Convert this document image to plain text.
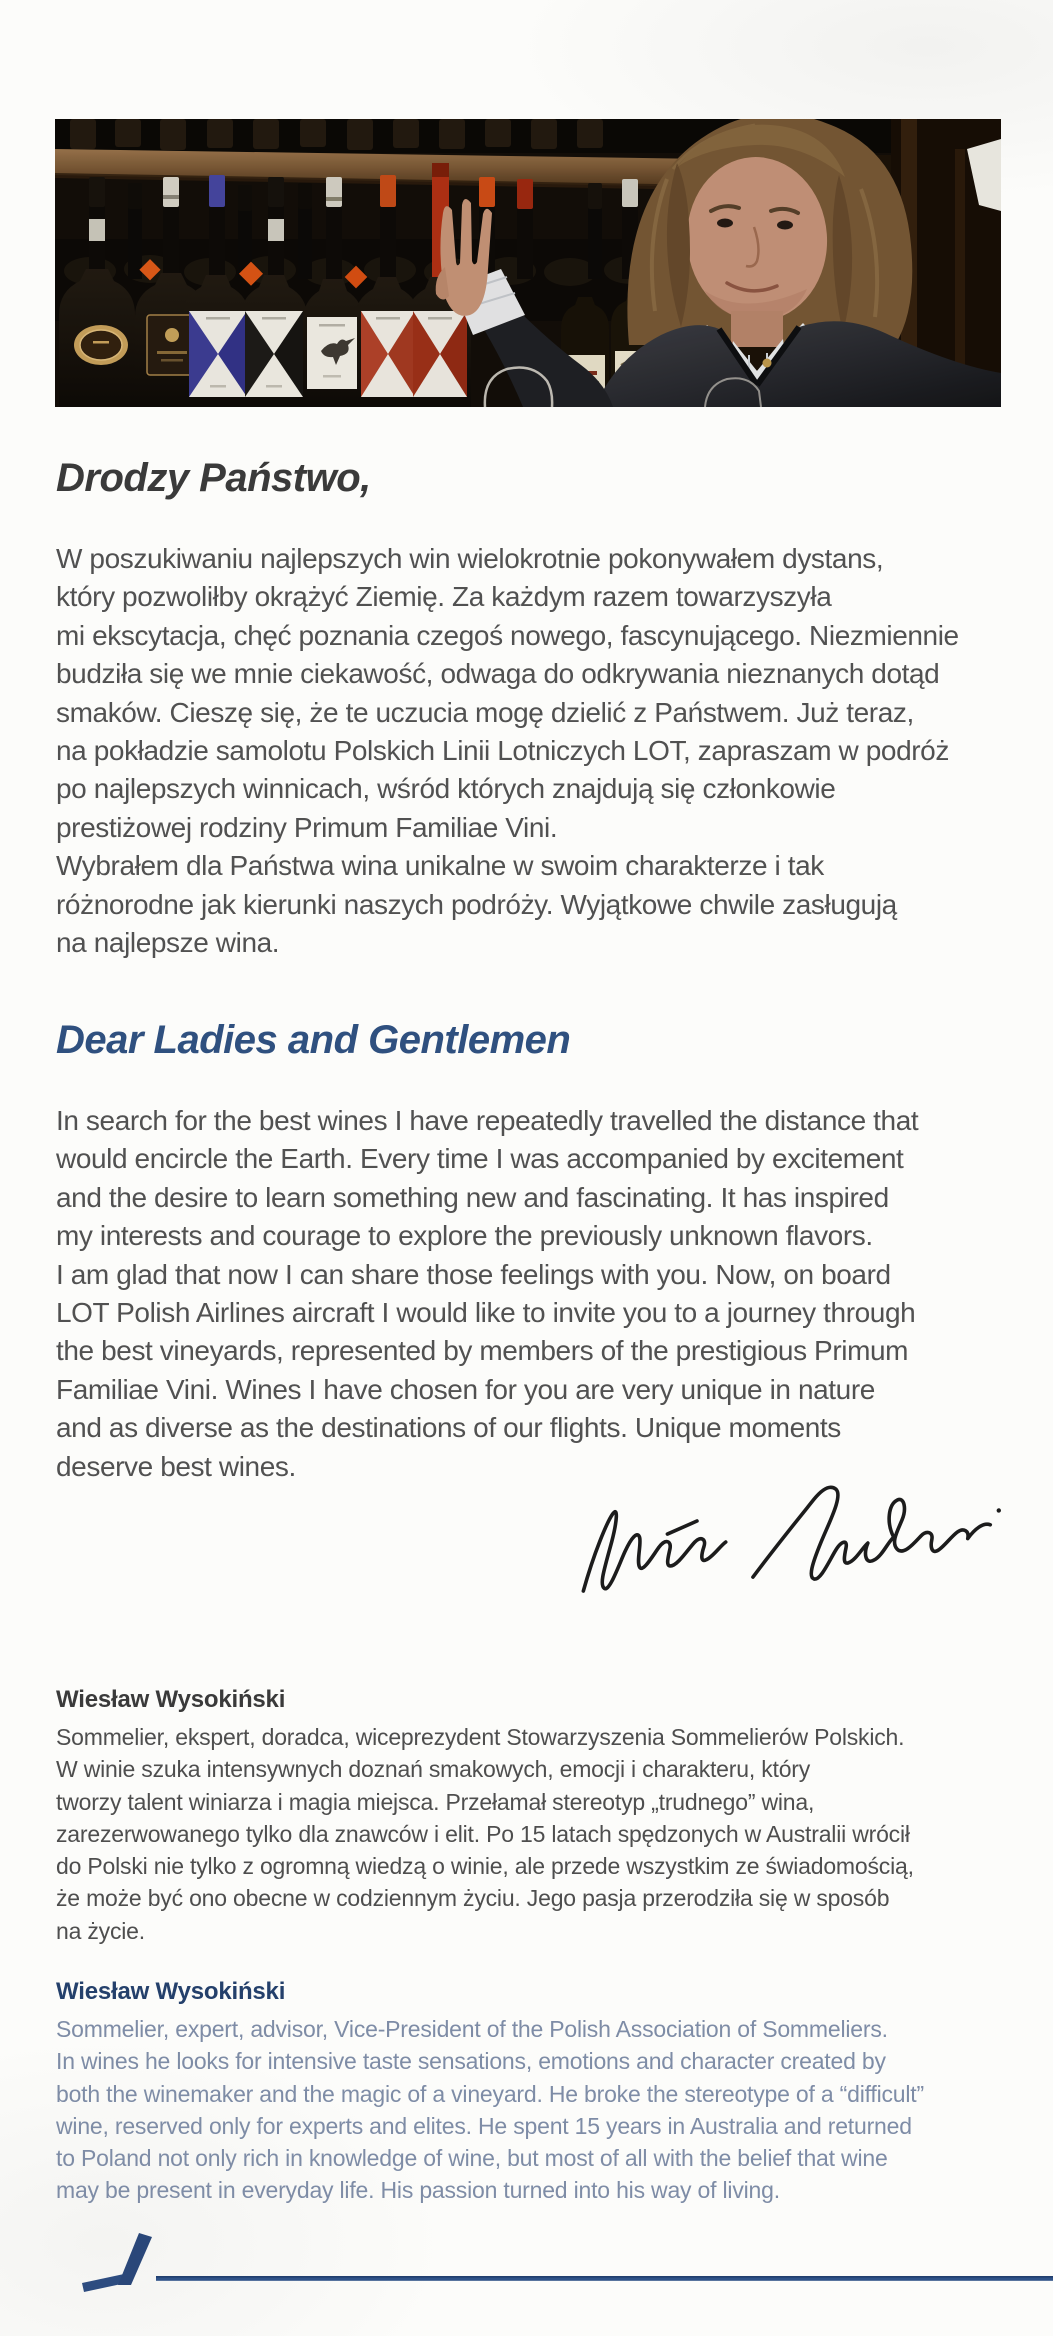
Drodzy Państwo,
W poszukiwaniu najlepszych win wielokrotnie pokonywałem dystans,
który pozwoliłby okrążyć Ziemię. Za każdym razem towarzyszyła
mi ekscytacja, chęć poznania czegoś nowego, fascynującego. Niezmiennie
budziła się we mnie ciekawość, odwaga do odkrywania nieznanych dotąd
smaków. Cieszę się, że te uczucia mogę dzielić z Państwem. Już teraz,
na pokładzie samolotu Polskich Linii Lotniczych LOT, zapraszam w podróż
po najlepszych winnicach, wśród których znajdują się członkowie
prestiżowej rodziny Primum Familiae Vini.
Wybrałem dla Państwa wina unikalne w swoim charakterze i tak
różnorodne jak kierunki naszych podróży. Wyjątkowe chwile zasługują
na najlepsze wina.
Dear Ladies and Gentlemen
In search for the best wines I have repeatedly travelled the distance that
would encircle the Earth. Every time I was accompanied by excitement
and the desire to learn something new and fascinating. It has inspired
my interests and courage to explore the previously unknown flavors.
I am glad that now I can share those feelings with you. Now, on board
LOT Polish Airlines aircraft I would like to invite you to a journey through
the best vineyards, represented by members of the prestigious Primum
Familiae Vini. Wines I have chosen for you are very unique in nature
and as diverse as the destinations of our flights. Unique moments
deserve best wines.
Wiesław Wysokiński
Sommelier, ekspert, doradca, wiceprezydent Stowarzyszenia Sommelierów Polskich.
W winie szuka intensywnych doznań smakowych, emocji i charakteru, który
tworzy talent winiarza i magia miejsca. Przełamał stereotyp „trudnego” wina,
zarezerwowanego tylko dla znawców i elit. Po 15 latach spędzonych w Australii wrócił
do Polski nie tylko z ogromną wiedzą o winie, ale przede wszystkim ze świadomością,
że może być ono obecne w codziennym życiu. Jego pasja przerodziła się w sposób
na życie.
Wiesław Wysokiński
Sommelier, expert, advisor, Vice-President of the Polish Association of Sommeliers.
In wines he looks for intensive taste sensations, emotions and character created by
both the winemaker and the magic of a vineyard. He broke the stereotype of a “difficult”
wine, reserved only for experts and elites. He spent 15 years in Australia and returned
to Poland not only rich in knowledge of wine, but most of all with the belief that wine
may be present in everyday life. His passion turned into his way of living.
